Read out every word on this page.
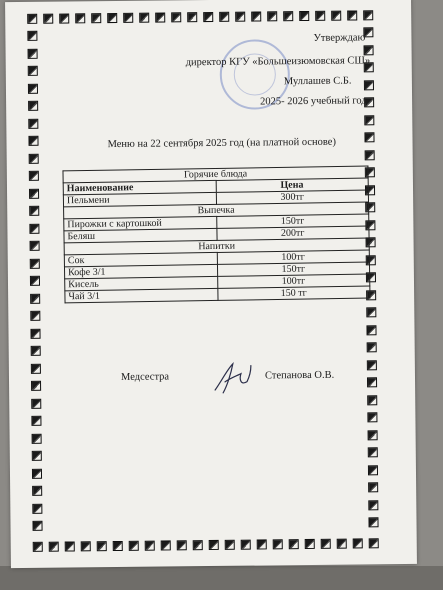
Утверждаю
директор КГУ «Большеизюмовская СШ»
Муллашев С.Б.
2025- 2026 учебный год
Меню на 22 сентября 2025 год (на платной основе)
Горячие блюда	
Наименование	Цена
Пельмени	300тг
Выпечка	
Пирожки с картошкой	150тг
Беляш	200тг
Напитки	
Сок	100тг
Кофе 3/1	150тг
Кисель	100тг
Чай 3/1	150 тг
Медсестра	Степанова О.В.
